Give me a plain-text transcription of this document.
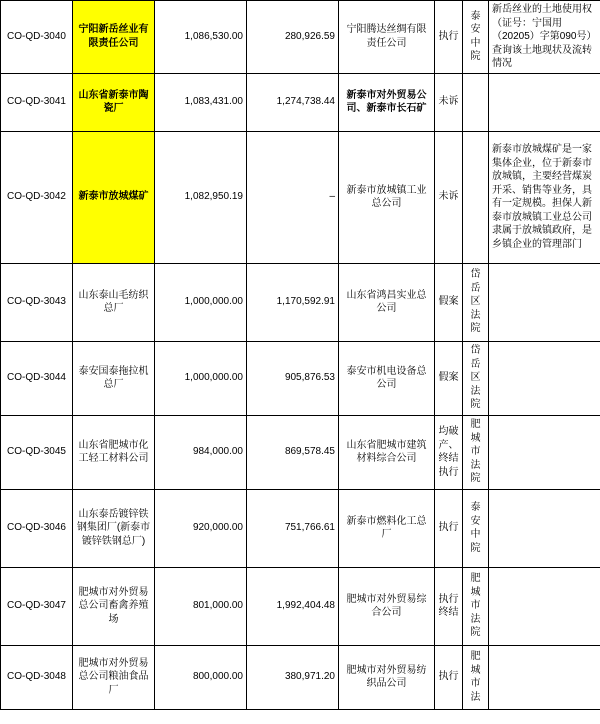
CO-QD-3040	宁阳新岳丝业有限责任公司	1,086,530.00	280,926.59	宁阳腾达丝绸有限责任公司	执行	泰安中院	新岳丝业的土地使用权（证号：宁国用（20205）字第090号）查询该土地现状及流转情况
CO-QD-3041	山东省新泰市陶瓷厂	1,083,431.00	1,274,738.44	新泰市对外贸易公司、新泰市长石矿	未诉		
CO-QD-3042	新泰市放城煤矿	1,082,950.19	–	新泰市放城镇工业总公司	未诉		新泰市放城煤矿是一家集体企业，位于新泰市放城镇，主要经营煤炭开采、销售等业务，具有一定规模。担保人新泰市放城镇工业总公司隶属于放城镇政府，是乡镇企业的管理部门
CO-QD-3043	山东泰山毛纺织总厂	1,000,000.00	1,170,592.91	山东省鸿昌实业总公司	假案	岱岳区法院	
CO-QD-3044	泰安国泰拖拉机总厂	1,000,000.00	905,876.53	泰安市机电设备总公司	假案	岱岳区法院	
CO-QD-3045	山东省肥城市化工轻工材料公司	984,000.00	869,578.45	山东省肥城市建筑材料综合公司	均破产、终结执行	肥城市法院	
CO-QD-3046	山东泰岳镀锌铁钢集团厂(新泰市镀锌铁钢总厂)	920,000.00	751,766.61	新泰市燃料化工总厂	执行	泰安中院	
CO-QD-3047	肥城市对外贸易总公司畜禽养殖场	801,000.00	1,992,404.48	肥城市对外贸易综合公司	执行终结	肥城市法院	
CO-QD-3048	肥城市对外贸易总公司粮油食品厂	800,000.00	380,971.20	肥城市对外贸易纺织品公司	执行	肥城市法	
